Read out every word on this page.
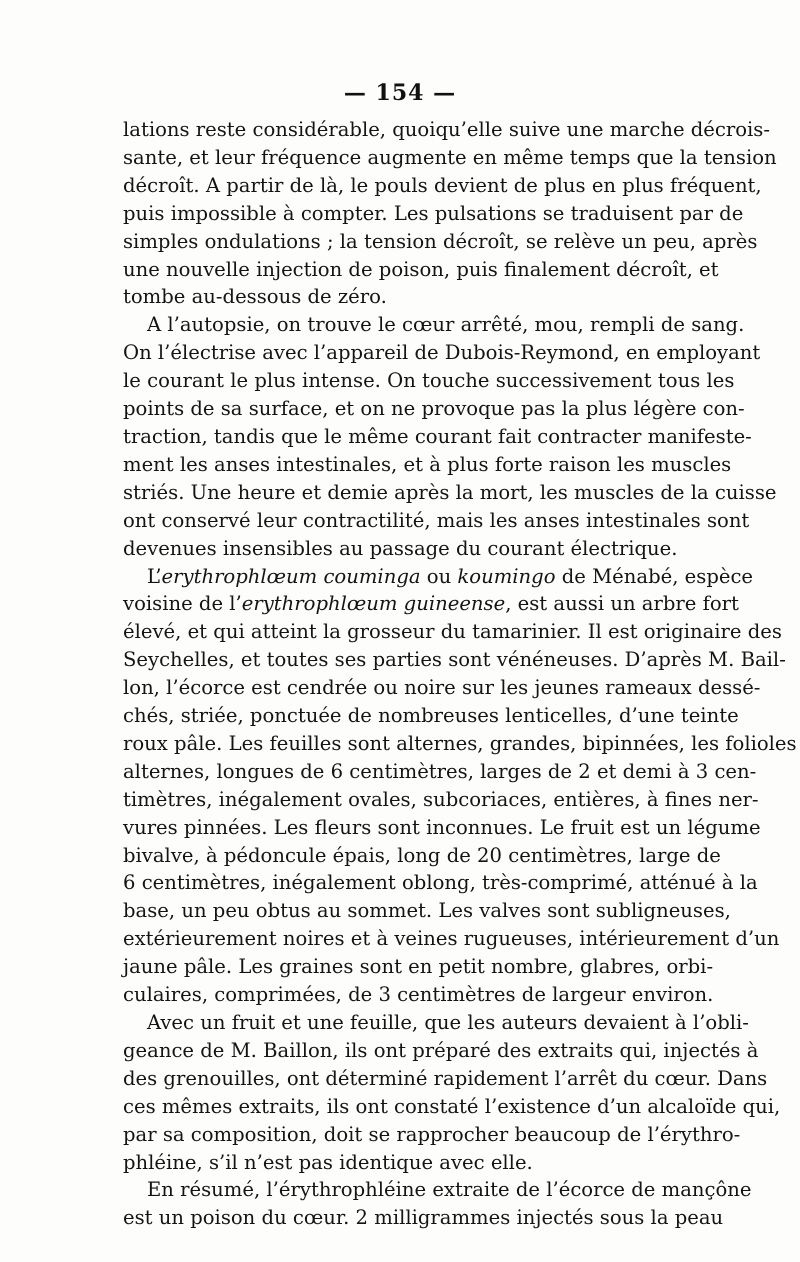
— 154 —
lations reste considérable, quoiqu’elle suive une marche décrois-
sante, et leur fréquence augmente en même temps que la tension
décroît. A partir de là, le pouls devient de plus en plus fréquent,
puis impossible à compter. Les pulsations se traduisent par de
simples ondulations ; la tension décroît, se relève un peu, après
une nouvelle injection de poison, puis finalement décroît, et
tombe au-dessous de zéro.
A l’autopsie, on trouve le cœur arrêté, mou, rempli de sang.
On l’électrise avec l’appareil de Dubois-Reymond, en employant
le courant le plus intense. On touche successivement tous les
points de sa surface, et on ne provoque pas la plus légère con-
traction, tandis que le même courant fait contracter manifeste-
ment les anses intestinales, et à plus forte raison les muscles
striés. Une heure et demie après la mort, les muscles de la cuisse
ont conservé leur contractilité, mais les anses intestinales sont
devenues insensibles au passage du courant électrique.
L’erythrophlœum couminga ou koumingo de Ménabé, espèce
voisine de l’erythrophlœum guineense, est aussi un arbre fort
élevé, et qui atteint la grosseur du tamarinier. Il est originaire des
Seychelles, et toutes ses parties sont vénéneuses. D’après M. Bail-
lon, l’écorce est cendrée ou noire sur les jeunes rameaux dessé-
chés, striée, ponctuée de nombreuses lenticelles, d’une teinte
roux pâle. Les feuilles sont alternes, grandes, bipinnées, les folioles
alternes, longues de 6 centimètres, larges de 2 et demi à 3 cen-
timètres, inégalement ovales, subcoriaces, entières, à fines ner-
vures pinnées. Les fleurs sont inconnues. Le fruit est un légume
bivalve, à pédoncule épais, long de 20 centimètres, large de
6 centimètres, inégalement oblong, très-comprimé, atténué à la
base, un peu obtus au sommet. Les valves sont subligneuses,
extérieurement noires et à veines rugueuses, intérieurement d’un
jaune pâle. Les graines sont en petit nombre, glabres, orbi-
culaires, comprimées, de 3 centimètres de largeur environ.
Avec un fruit et une feuille, que les auteurs devaient à l’obli-
geance de M. Baillon, ils ont préparé des extraits qui, injectés à
des grenouilles, ont déterminé rapidement l’arrêt du cœur. Dans
ces mêmes extraits, ils ont constaté l’existence d’un alcaloïde qui,
par sa composition, doit se rapprocher beaucoup de l’érythro-
phléine, s’il n’est pas identique avec elle.
En résumé, l’érythrophléine extraite de l’écorce de mançône
est un poison du cœur. 2 milligrammes injectés sous la peau
